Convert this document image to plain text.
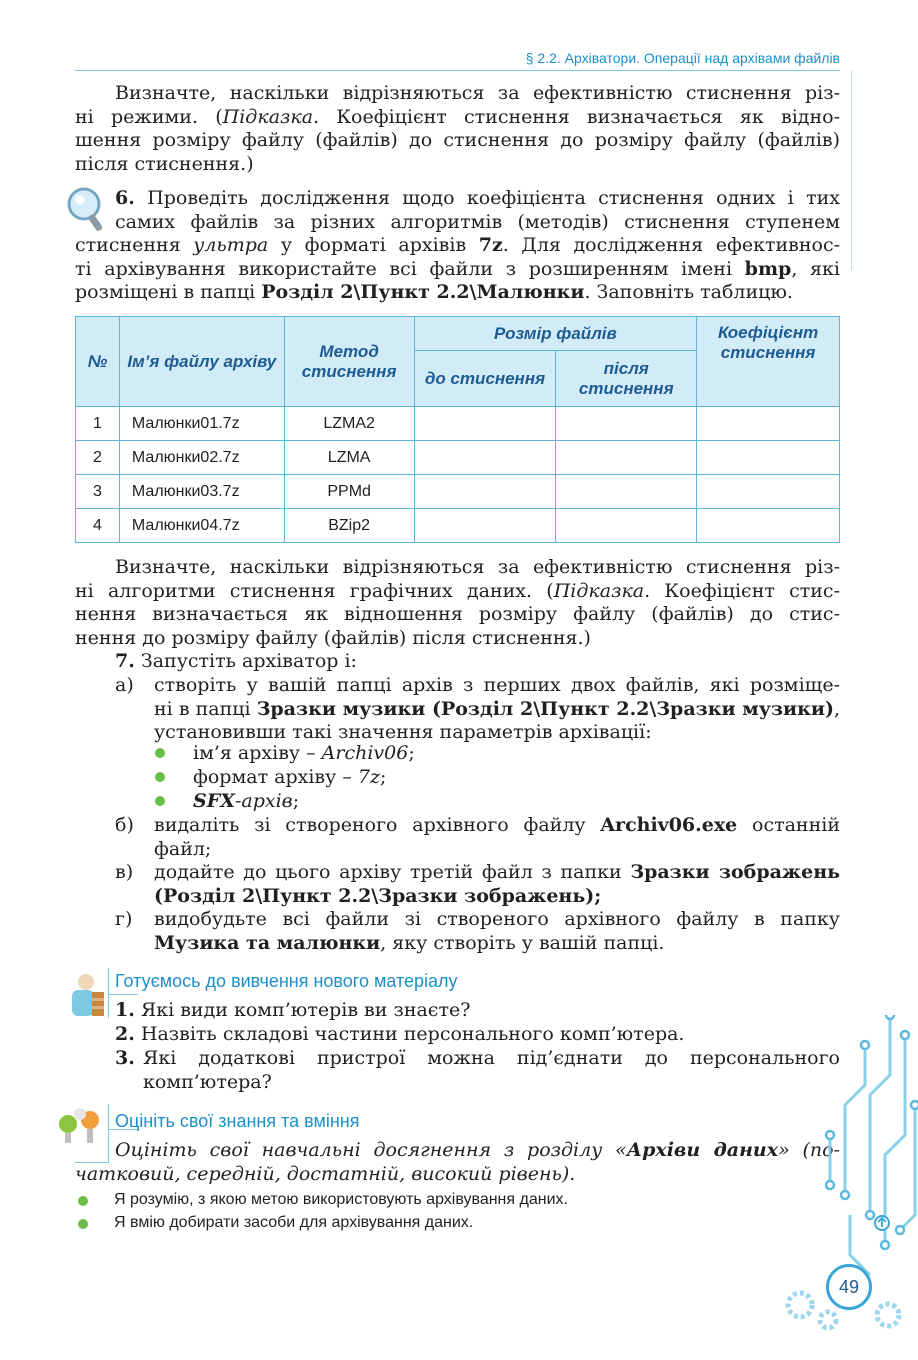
§ 2.2. Архіватори. Операції над архівами файлів
Визначте, наскільки відрізняються за ефективністю стиснення різ-
ні режими. (Підказка. Коефіцієнт стиснення визначається як відно-
шення розміру файлу (файлів) до стиснення до розміру файлу (файлів)
після стиснення.)
6. Проведіть дослідження щодо коефіцієнта стиснення одних і тих
самих файлів за різних алгоритмів (методів) стиснення ступенем
стиснення ультра у форматі архівів 7z. Для дослідження ефективнос-
ті архівування використайте всі файли з розширенням імені bmp, які
розміщені в папці Розділ 2\Пункт 2.2\Малюнки. Заповніть таблицю.
№	Ім’я файлу архіву	Метод стиснення	Розмір файлів		Коефіцієнт стиснення
			до стиснення	після стиснення	
1	Малюнки01.7z	LZMA2			
2	Малюнки02.7z	LZMA			
3	Малюнки03.7z	PPMd			
4	Малюнки04.7z	BZip2			
Визначте, наскільки відрізняються за ефективністю стиснення різ-
ні алгоритми стиснення графічних даних. (Підказка. Коефіцієнт стис-
нення визначається як відношення розміру файлу (файлів) до стис-
нення до розміру файлу (файлів) після стиснення.)
7. Запустіть архіватор і:
а) створіть у вашій папці архів з перших двох файлів, які розміще-
ні в папці Зразки музики (Розділ 2\Пункт 2.2\Зразки музики),
установивши такі значення параметрів архівації:
ім’я архіву – Archiv06;
формат архіву – 7z;
SFX-архів;
б) видаліть зі створеного архівного файлу Archiv06.exe останній
файл;
в) додайте до цього архіву третій файл з папки Зразки зображень
(Розділ 2\Пункт 2.2\Зразки зображень);
г) видобудьте всі файли зі створеного архівного файлу в папку
Музика та малюнки, яку створіть у вашій папці.
Готуємось до вивчення нового матеріалу
1. Які види комп’ютерів ви знаєте?
2. Назвіть складові частини персонального комп’ютера.
3. Які додаткові пристрої можна під’єднати до персонального
комп’ютера?
Оцініть свої знання та вміння
Оцініть свої навчальні досягнення з розділу «Архіви даних» (по-
чатковий, середній, достатній, високий рівень).
Я розумію, з якою метою використовують архівування даних.
Я вмію добирати засоби для архівування даних.
49
